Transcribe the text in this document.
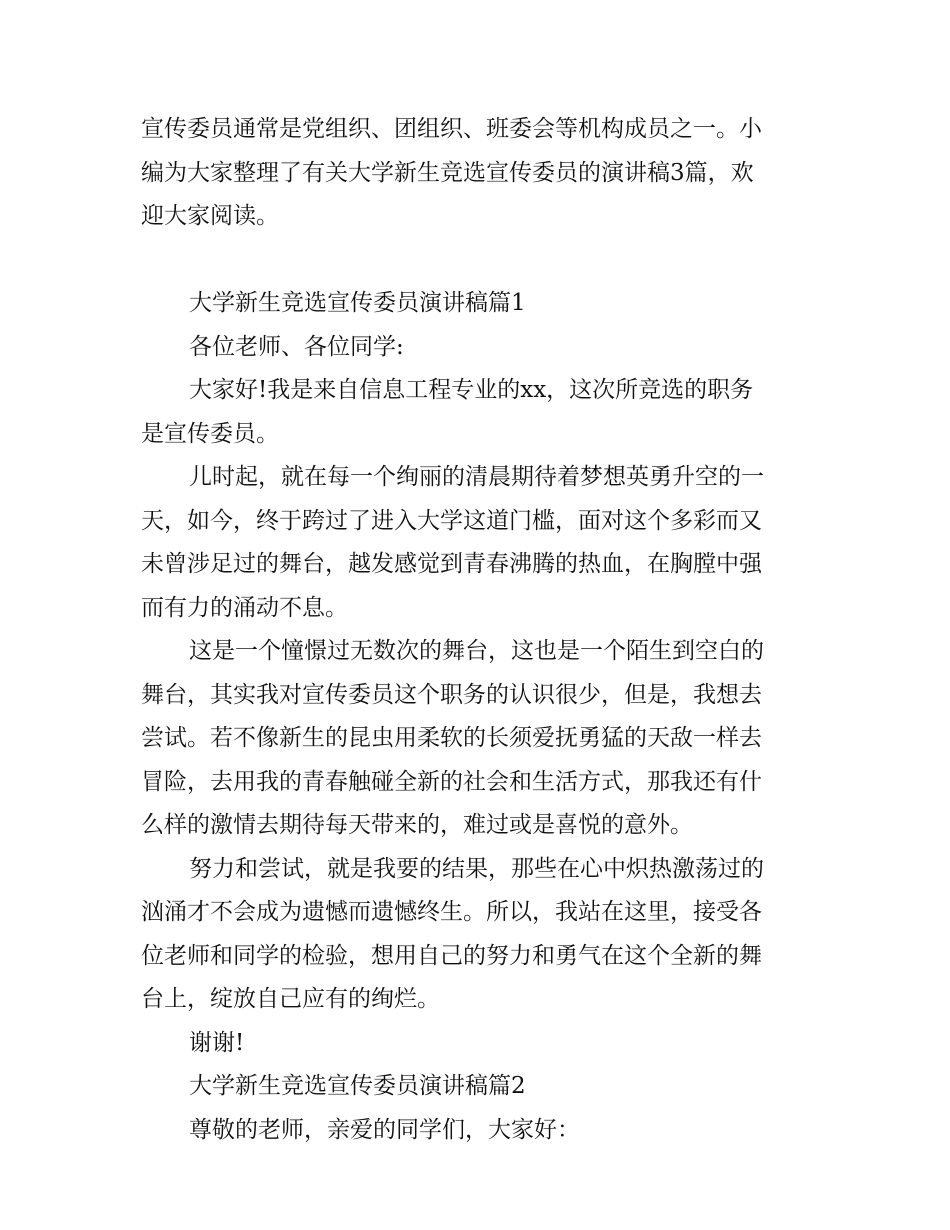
宣传委员通常是党组织、团组织、班委会等机构成员之一。小
编为大家整理了有关大学新生竞选宣传委员的演讲稿3篇，欢
迎大家阅读。
大学新生竞选宣传委员演讲稿篇1
各位老师、各位同学:
大家好!我是来自信息工程专业的xx，这次所竞选的职务
是宣传委员。
儿时起，就在每一个绚丽的清晨期待着梦想英勇升空的一
天，如今，终于跨过了进入大学这道门槛，面对这个多彩而又
未曾涉足过的舞台，越发感觉到青春沸腾的热血，在胸膛中强
而有力的涌动不息。
这是一个憧憬过无数次的舞台，这也是一个陌生到空白的
舞台，其实我对宣传委员这个职务的认识很少，但是，我想去
尝试。若不像新生的昆虫用柔软的长须爱抚勇猛的天敌一样去
冒险，去用我的青春触碰全新的社会和生活方式，那我还有什
么样的激情去期待每天带来的，难过或是喜悦的意外。
努力和尝试，就是我要的结果，那些在心中炽热激荡过的
汹涌才不会成为遗憾而遗憾终生。所以，我站在这里，接受各
位老师和同学的检验，想用自己的努力和勇气在这个全新的舞
台上，绽放自己应有的绚烂。
谢谢!
大学新生竞选宣传委员演讲稿篇2
尊敬的老师，亲爱的同学们，大家好：
